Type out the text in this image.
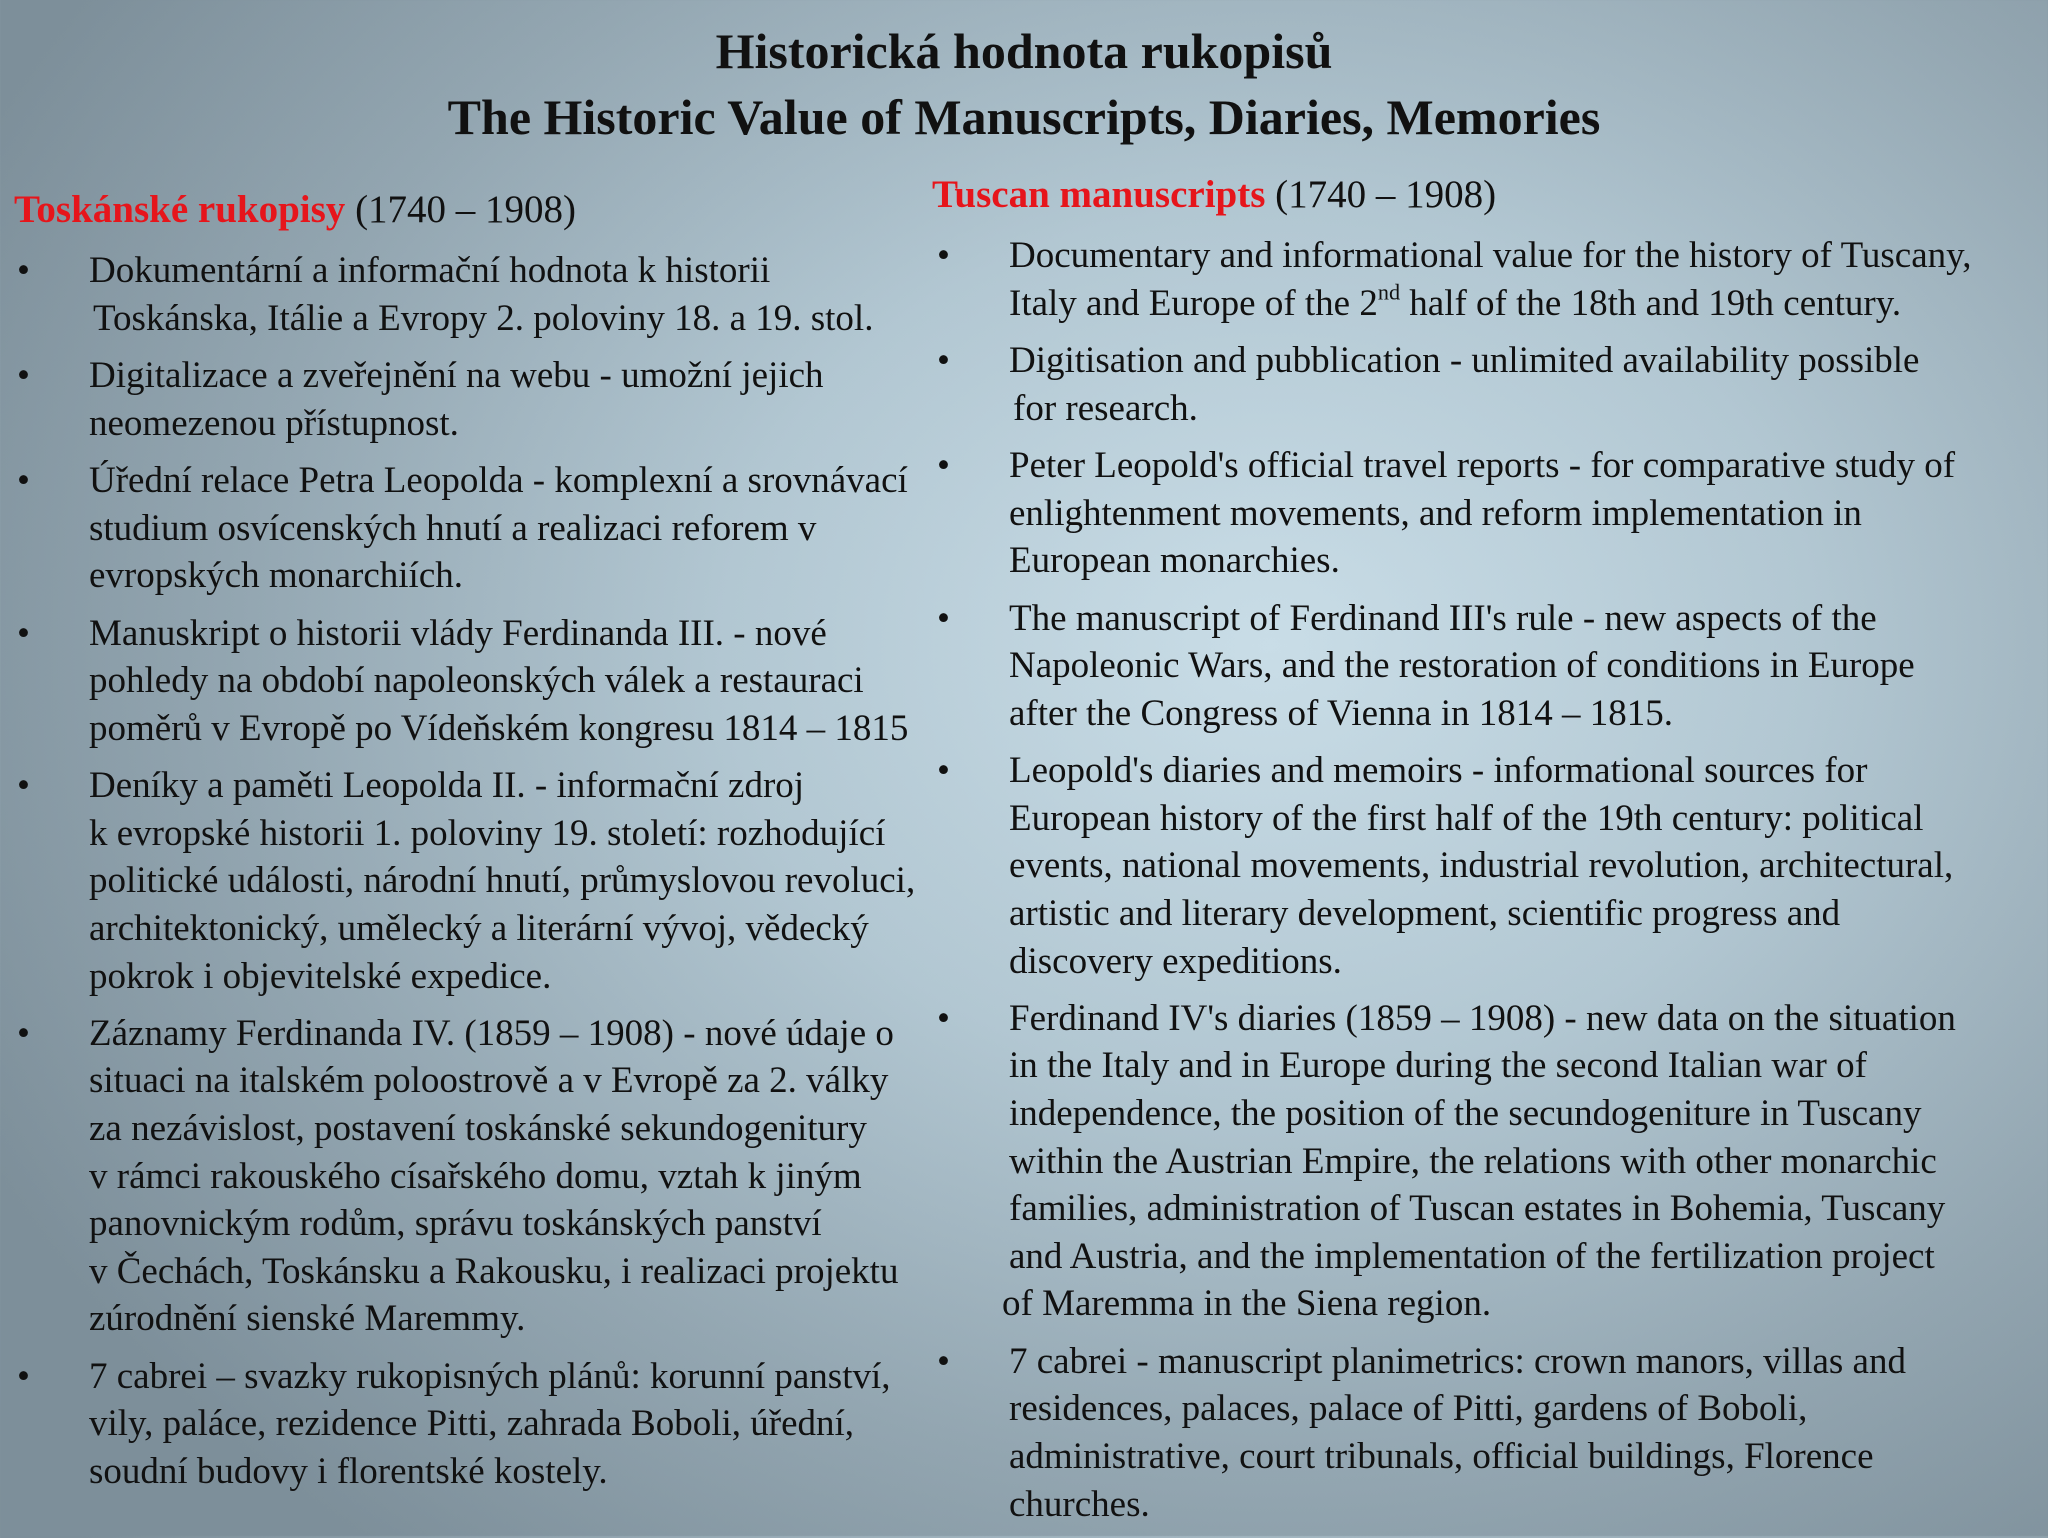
Historická hodnota rukopisů
The Historic Value of Manuscripts, Diaries, Memories
Toskánské rukopisy (1740 – 1908)	Tuscan manuscripts (1740 – 1908)
• Dokumentární a informační hodnota k historii
Toskánska, Itálie a Evropy 2. poloviny 18. a 19. stol.
• Digitalizace a zveřejnění na webu - umožní jejich
neomezenou přístupnost.
• Úřední relace Petra Leopolda - komplexní a srovnávací
studium osvícenských hnutí a realizaci reforem v
evropských monarchiích.
• Manuskript o historii vlády Ferdinanda III. - nové
pohledy na období napoleonských válek a restauraci
poměrů v Evropě po Vídeňském kongresu 1814 – 1815
• Deníky a paměti Leopolda II. - informační zdroj
k evropské historii 1. poloviny 19. století: rozhodující
politické události, národní hnutí, průmyslovou revoluci,
architektonický, umělecký a literární vývoj, vědecký
pokrok i objevitelské expedice.
• Záznamy Ferdinanda IV. (1859 – 1908) - nové údaje o
situaci na italském poloostrově a v Evropě za 2. války
za nezávislost, postavení toskánské sekundogenitury
v rámci rakouského císařského domu, vztah k jiným
panovnickým rodům, správu toskánských panství
v Čechách, Toskánsku a Rakousku, i realizaci projektu
zúrodnění sienské Maremmy.
• 7 cabrei – svazky rukopisných plánů: korunní panství,
vily, paláce, rezidence Pitti, zahrada Boboli, úřední,
soudní budovy i florentské kostely.
• Documentary and informational value for the history of Tuscany,
Italy and Europe of the 2nd half of the 18th and 19th century.
• Digitisation and pubblication - unlimited availability possible
for research.
• Peter Leopold's official travel reports - for comparative study of
enlightenment movements, and reform implementation in
European monarchies.
• The manuscript of Ferdinand III's rule - new aspects of the
Napoleonic Wars, and the restoration of conditions in Europe
after the Congress of Vienna in 1814 – 1815.
• Leopold's diaries and memoirs - informational sources for
European history of the first half of the 19th century: political
events, national movements, industrial revolution, architectural,
artistic and literary development, scientific progress and
discovery expeditions.
• Ferdinand IV's diaries (1859 – 1908) - new data on the situation
in the Italy and in Europe during the second Italian war of
independence, the position of the secundogeniture in Tuscany
within the Austrian Empire, the relations with other monarchic
families, administration of Tuscan estates in Bohemia, Tuscany
and Austria, and the implementation of the fertilization project
of Maremma in the Siena region.
• 7 cabrei - manuscript planimetrics: crown manors, villas and
residences, palaces, palace of Pitti, gardens of Boboli,
administrative, court tribunals, official buildings, Florence
churches.
